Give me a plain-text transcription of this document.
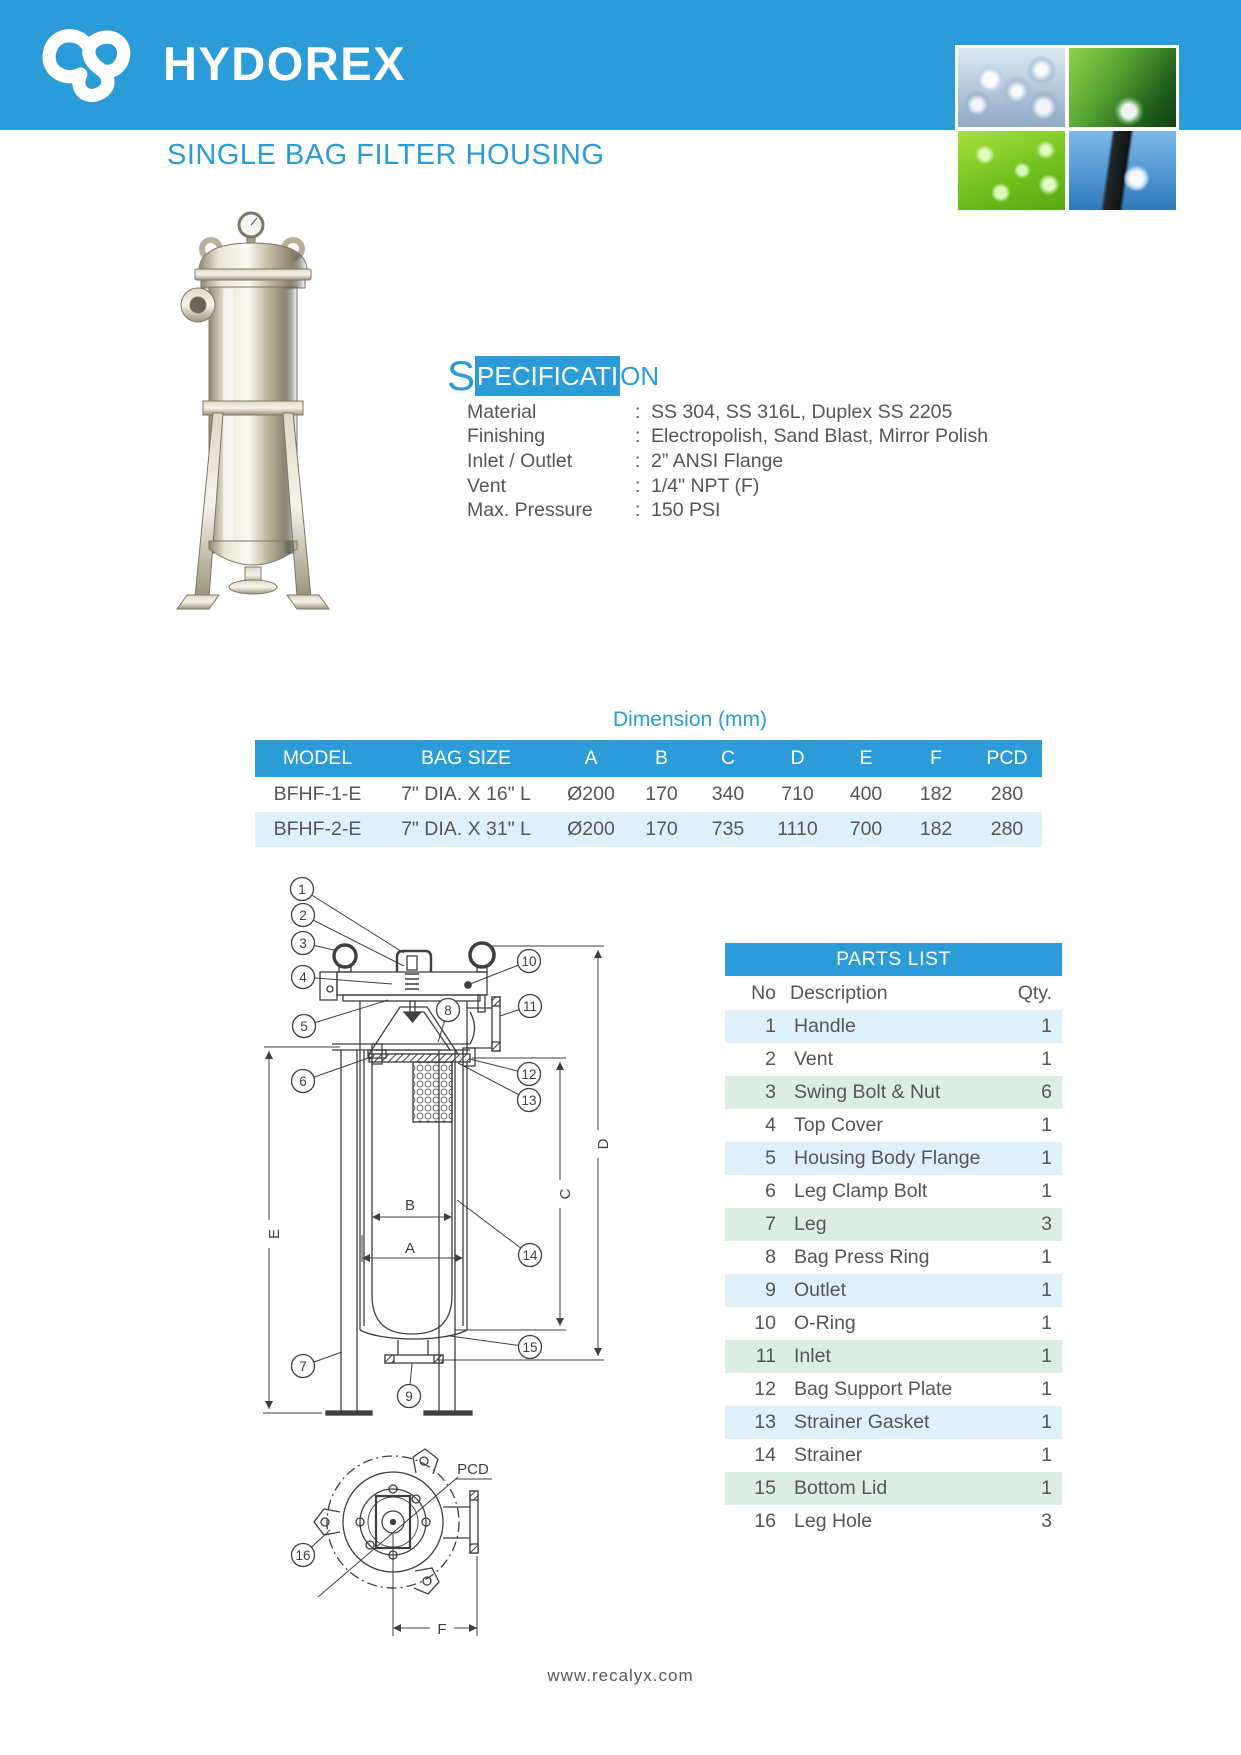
HYDOREX
SINGLE BAG FILTER HOUSING
S PECIFICATI ON
Material	: SS 304, SS 316L, Duplex SS 2205
Finishing	: Electropolish, Sand Blast, Mirror Polish
Inlet / Outlet	: 2” ANSI Flange
Vent	: 1/4" NPT (F)
Max. Pressure	: 150 PSI
Dimension (mm)
MODEL	BAG SIZE	A	B	C	D	E	F	PCD
BFHF-1-E	7" DIA. X 16" L	Ø200	170	340	710	400	182	280
BFHF-2-E	7" DIA. X 31" L	Ø200	170	735	1110	700	182	280
D
C
E
B
A
F
PCD
1
2
3
4
5
6
7
8
9
10
11
12
13
14
15
16
PARTS LIST
No	Description	Qty.
1	Handle	1
2	Vent	1
3	Swing Bolt & Nut	6
4	Top Cover	1
5	Housing Body Flange	1
6	Leg Clamp Bolt	1
7	Leg	3
8	Bag Press Ring	1
9	Outlet	1
10	O-Ring	1
11	Inlet	1
12	Bag Support Plate	1
13	Strainer Gasket	1
14	Strainer	1
15	Bottom Lid	1
16	Leg Hole	3
www.recalyx.com
